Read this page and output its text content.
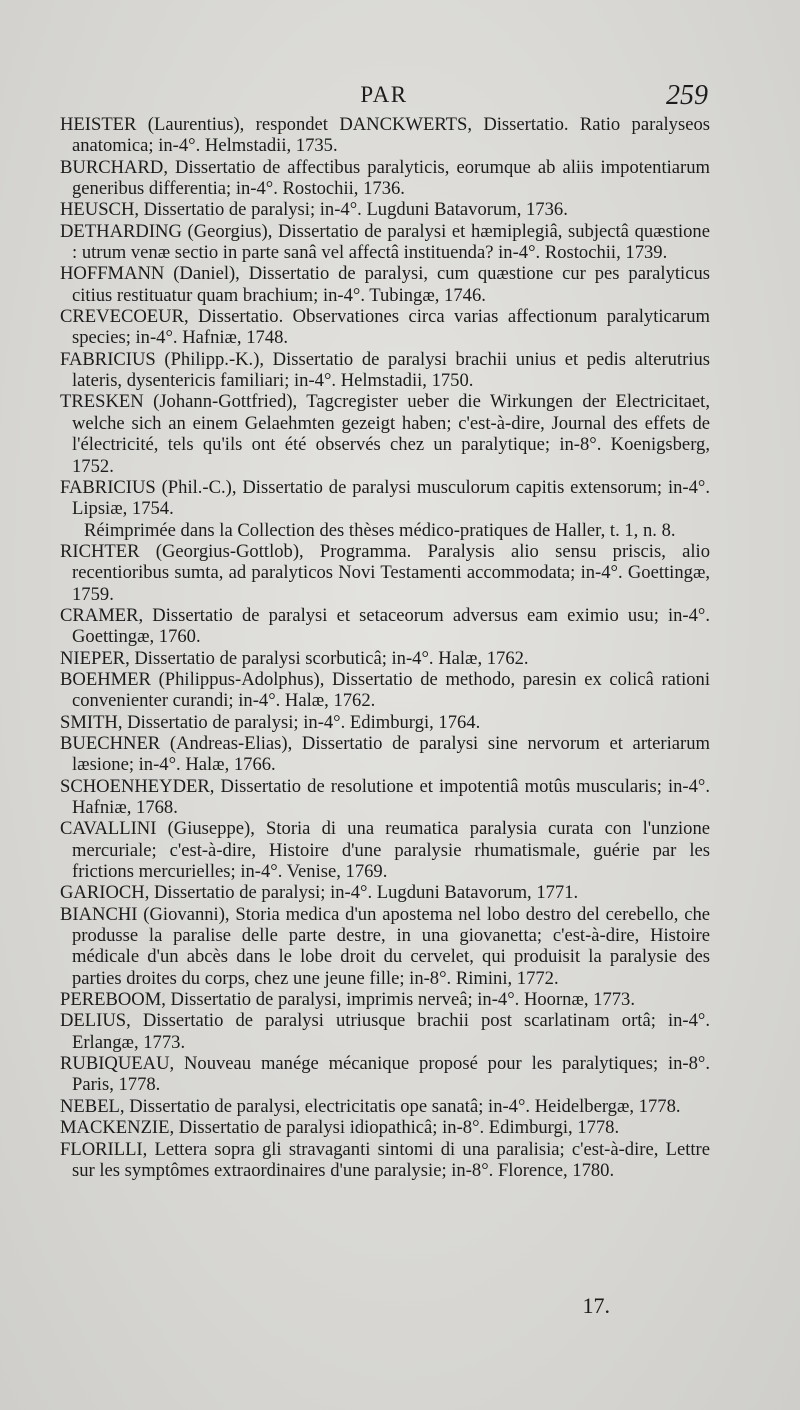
PAR	259

HEISTER (Laurentius), respondet DANCKWERTS, Dissertatio. Ratio paralyseos anatomica; in-4°. Helmstadii, 1735.

BURCHARD, Dissertatio de affectibus paralyticis, eorumque ab aliis impotentiarum generibus differentia; in-4°. Rostochii, 1736.

HEUSCH, Dissertatio de paralysi; in-4°. Lugduni Batavorum, 1736.

DETHARDING (Georgius), Dissertatio de paralysi et hæmiplegiâ, subjectâ quæstione : utrum venæ sectio in parte sanâ vel affectâ instituenda? in-4°. Rostochii, 1739.

HOFFMANN (Daniel), Dissertatio de paralysi, cum quæstione cur pes paralyticus citius restituatur quam brachium; in-4°. Tubingæ, 1746.

CREVECOEUR, Dissertatio. Observationes circa varias affectionum paralyticarum species; in-4°. Hafniæ, 1748.

FABRICIUS (Philipp.-K.), Dissertatio de paralysi brachii unius et pedis alterutrius lateris, dysentericis familiari; in-4°. Helmstadii, 1750.

TRESKEN (Johann-Gottfried), Tagcregister ueber die Wirkungen der Electricitaet, welche sich an einem Gelaehmten gezeigt haben; c'est-à-dire, Journal des effets de l'électricité, tels qu'ils ont été observés chez un paralytique; in-8°. Koenigsberg, 1752.

FABRICIUS (Phil.-C.), Dissertatio de paralysi musculorum capitis extensorum; in-4°. Lipsiæ, 1754.

Réimprimée dans la Collection des thèses médico-pratiques de Haller, t. 1, n. 8.

RICHTER (Georgius-Gottlob), Programma. Paralysis alio sensu priscis, alio recentioribus sumta, ad paralyticos Novi Testamenti accommodata; in-4°. Goettingæ, 1759.

CRAMER, Dissertatio de paralysi et setaceorum adversus eam eximio usu; in-4°. Goettingæ, 1760.

NIEPER, Dissertatio de paralysi scorbuticâ; in-4°. Halæ, 1762.

BOEHMER (Philippus-Adolphus), Dissertatio de methodo, paresin ex colicâ rationi convenienter curandi; in-4°. Halæ, 1762.

SMITH, Dissertatio de paralysi; in-4°. Edimburgi, 1764.

BUECHNER (Andreas-Elias), Dissertatio de paralysi sine nervorum et arteriarum læsione; in-4°. Halæ, 1766.

SCHOENHEYDER, Dissertatio de resolutione et impotentiâ motûs muscularis; in-4°. Hafniæ, 1768.

CAVALLINI (Giuseppe), Storia di una reumatica paralysia curata con l'unzione mercuriale; c'est-à-dire, Histoire d'une paralysie rhumatismale, guérie par les frictions mercurielles; in-4°. Venise, 1769.

GARIOCH, Dissertatio de paralysi; in-4°. Lugduni Batavorum, 1771.

BIANCHI (Giovanni), Storia medica d'un apostema nel lobo destro del cerebello, che produsse la paralise delle parte destre, in una giovanetta; c'est-à-dire, Histoire médicale d'un abcès dans le lobe droit du cervelet, qui produisit la paralysie des parties droites du corps, chez une jeune fille; in-8°. Rimini, 1772.

PEREBOOM, Dissertatio de paralysi, imprimis nerveâ; in-4°. Hoornæ, 1773.

DELIUS, Dissertatio de paralysi utriusque brachii post scarlatinam ortâ; in-4°. Erlangæ, 1773.

RUBIQUEAU, Nouveau manége mécanique proposé pour les paralytiques; in-8°. Paris, 1778.

NEBEL, Dissertatio de paralysi, electricitatis ope sanatâ; in-4°. Heidelbergæ, 1778.

MACKENZIE, Dissertatio de paralysi idiopathicâ; in-8°. Edimburgi, 1778.

FLORILLI, Lettera sopra gli stravaganti sintomi di una paralisia; c'est-à-dire, Lettre sur les symptômes extraordinaires d'une paralysie; in-8°. Florence, 1780.

17.
